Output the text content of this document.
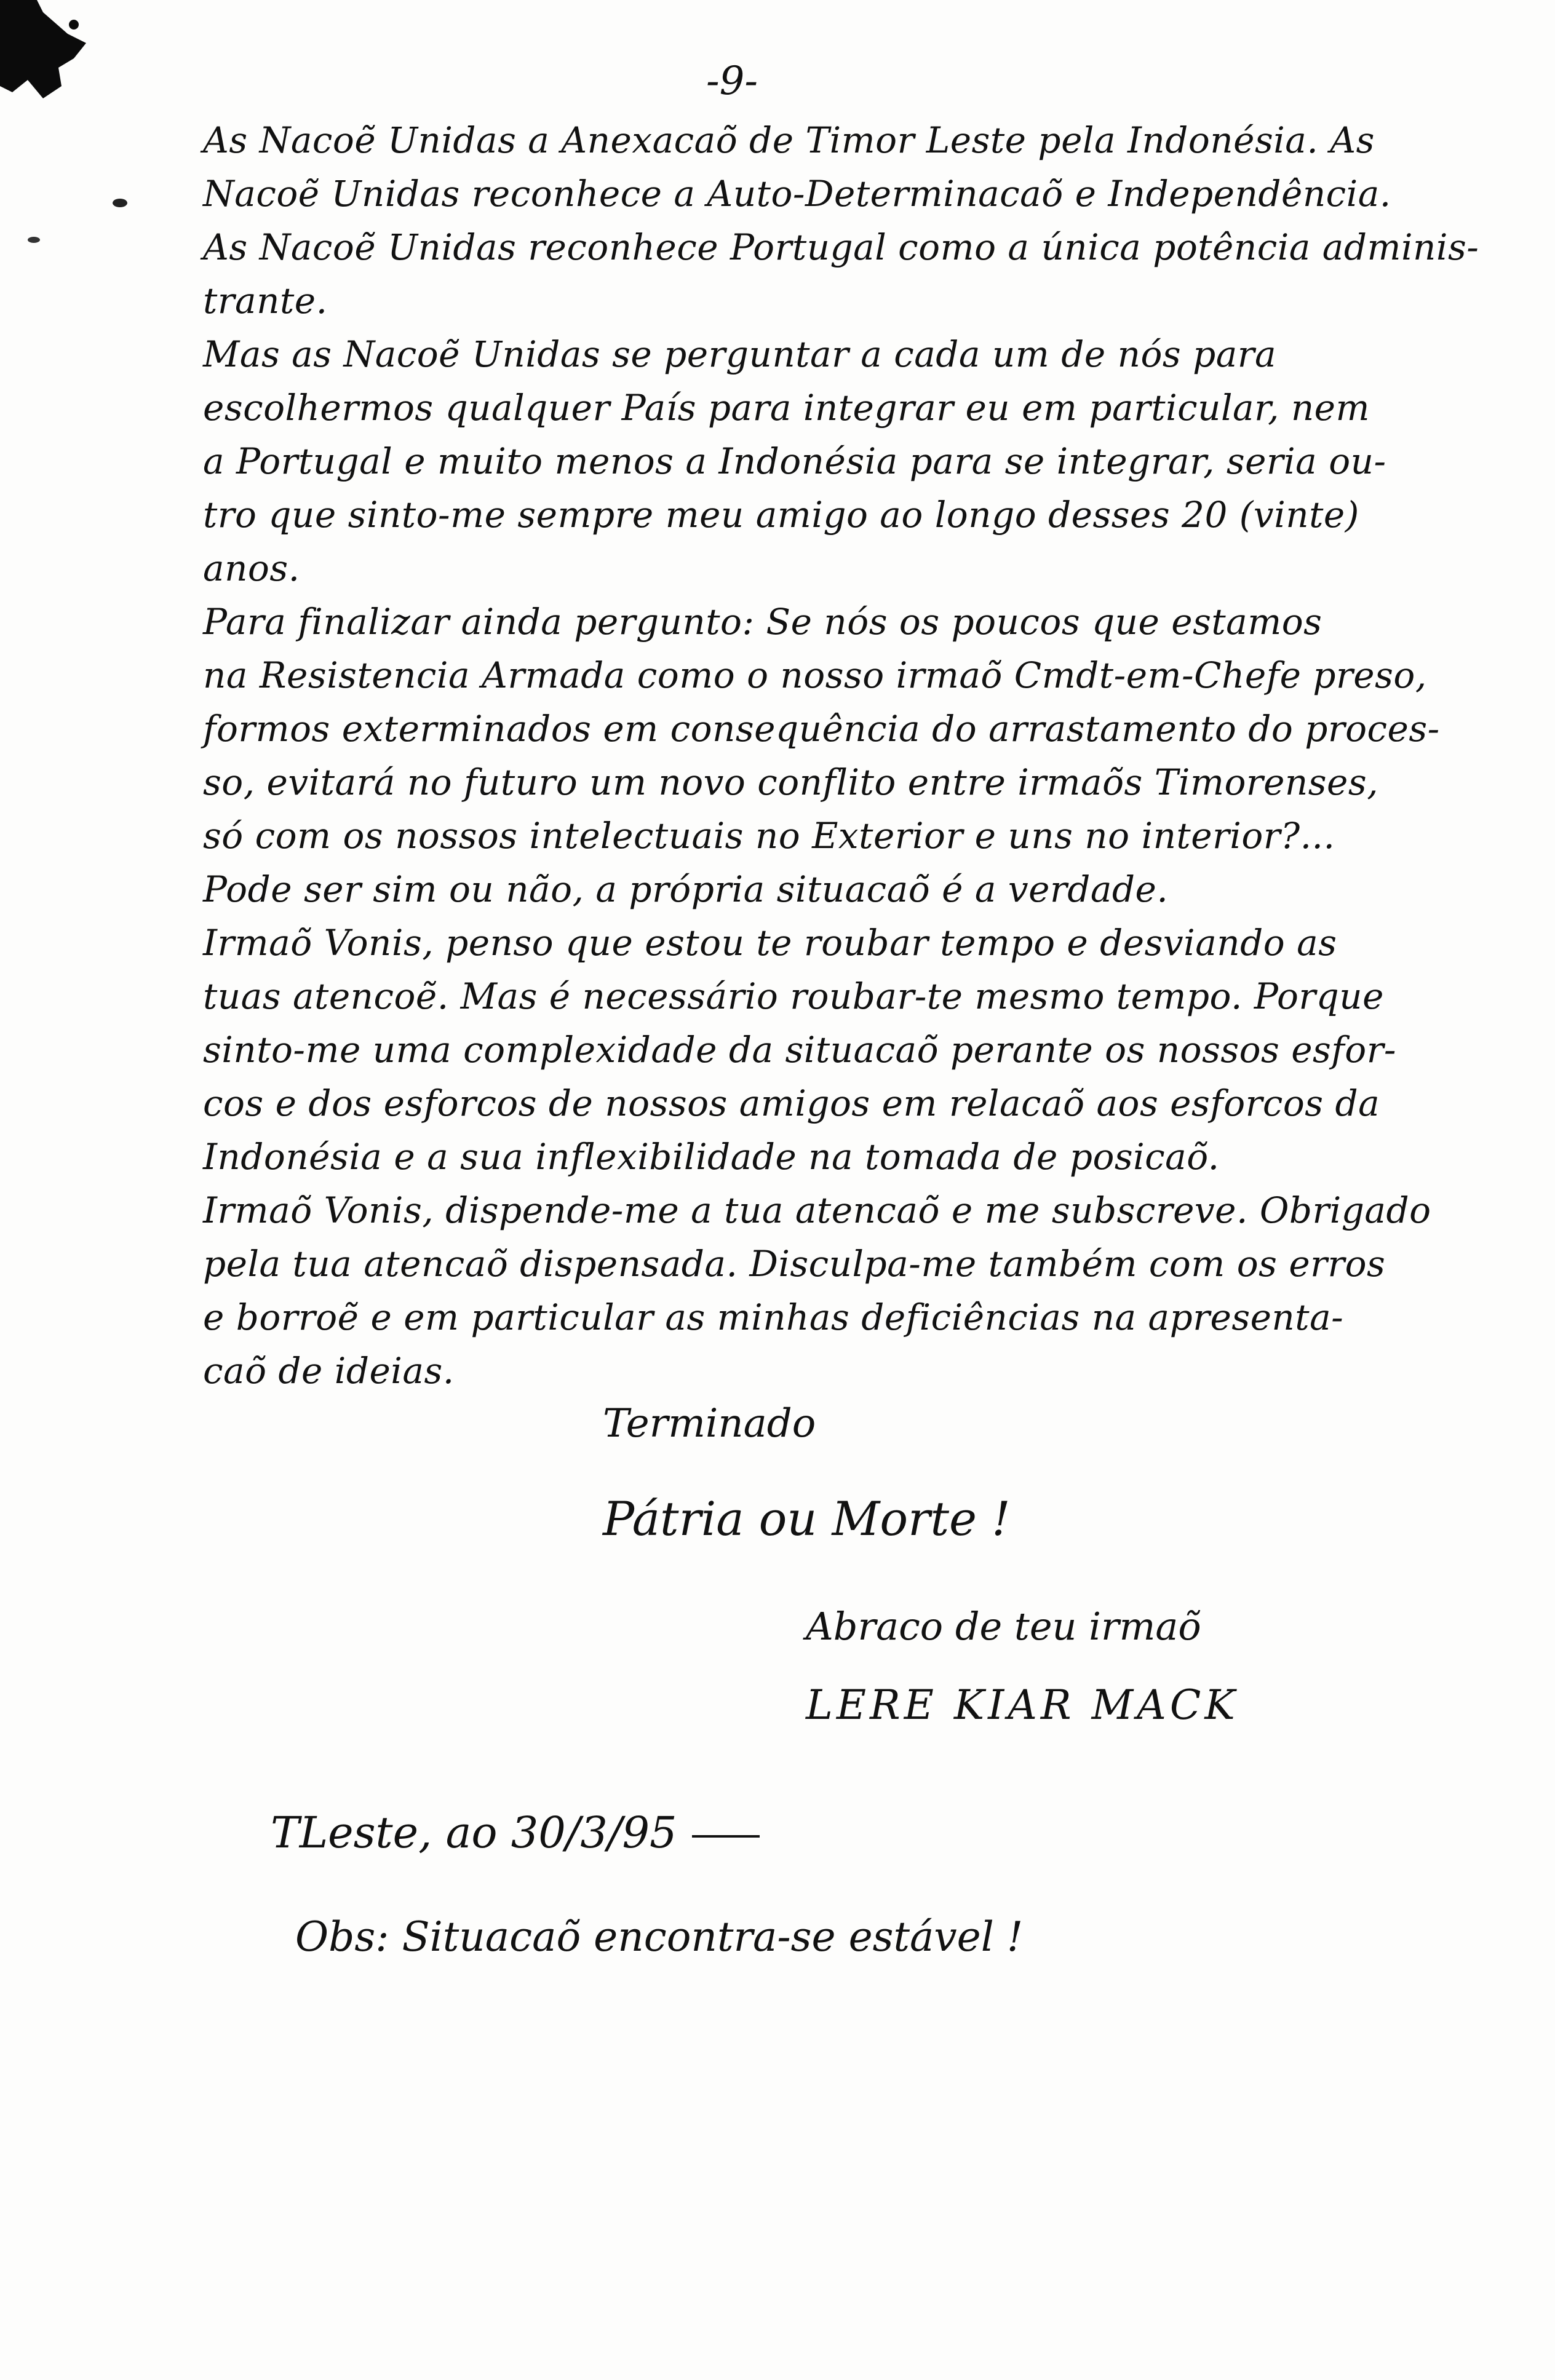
-9-
As Nacoẽ Unidas a Anexacaõ de Timor Leste pela Indonésia. As
Nacoẽ Unidas reconhece a Auto-Determinacaõ e Independência.
As Nacoẽ Unidas reconhece Portugal como a única potência adminis-
trante.
Mas as Nacoẽ Unidas se perguntar a cada um de nós para
escolhermos qualquer País para integrar eu em particular, nem
a Portugal e muito menos a Indonésia para se integrar, seria ou-
tro que sinto-me sempre meu amigo ao longo desses 20 (vinte)
anos.
Para finalizar ainda pergunto: Se nós os poucos que estamos
na Resistencia Armada como o nosso irmaõ Cmdt-em-Chefe preso,
formos exterminados em consequência do arrastamento do proces-
so, evitará no futuro um novo conflito entre irmaõs Timorenses,
só com os nossos intelectuais no Exterior e uns no interior?...
Pode ser sim ou não, a própria situacaõ é a verdade.
Irmaõ Vonis, penso que estou te roubar tempo e desviando as
tuas atencoẽ. Mas é necessário roubar-te mesmo tempo. Porque
sinto-me uma complexidade da situacaõ perante os nossos esfor-
cos e dos esforcos de nossos amigos em relacaõ aos esforcos da
Indonésia e a sua inflexibilidade na tomada de posicaõ.
Irmaõ Vonis, dispende-me a tua atencaõ e me subscreve. Obrigado
pela tua atencaõ dispensada. Disculpa-me também com os erros
e borroẽ e em particular as minhas deficiências na apresenta-
caõ de ideias.
Terminado
Pátria ou Morte !
Abraco de teu irmaõ
LERE KIAR MACK
TLeste, ao 30/3/95
Obs: Situacaõ encontra-se estável !
